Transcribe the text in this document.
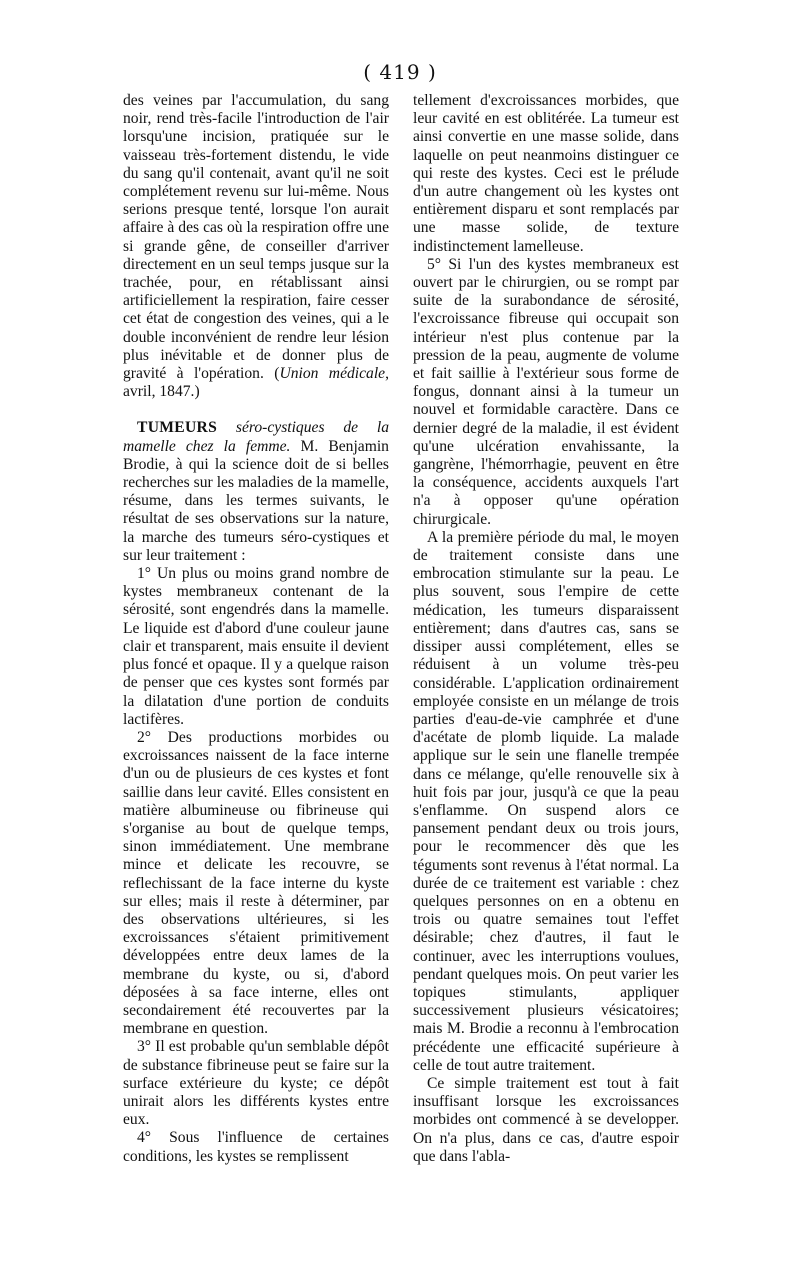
( 419 )

des veines par l'accumulation, du sang noir, rend très-facile l'introduction de l'air lorsqu'une incision, pratiquée sur le vaisseau très-fortement distendu, le vide du sang qu'il contenait, avant qu'il ne soit complétement revenu sur lui-même. Nous serions presque tenté, lorsque l'on aurait affaire à des cas où la respiration offre une si grande gêne, de conseiller d'arriver directement en un seul temps jusque sur la trachée, pour, en rétablissant ainsi artificiellement la respiration, faire cesser cet état de congestion des veines, qui a le double inconvénient de rendre leur lésion plus inévitable et de donner plus de gravité à l'opération. (Union médicale, avril, 1847.)

TUMEURS séro-cystiques de la mamelle chez la femme. M. Benjamin Brodie, à qui la science doit de si belles recherches sur les maladies de la mamelle, résume, dans les termes suivants, le résultat de ses observations sur la nature, la marche des tumeurs séro-cystiques et sur leur traitement :

1° Un plus ou moins grand nombre de kystes membraneux contenant de la sérosité, sont engendrés dans la mamelle. Le liquide est d'abord d'une couleur jaune clair et transparent, mais ensuite il devient plus foncé et opaque. Il y a quelque raison de penser que ces kystes sont formés par la dilatation d'une portion de conduits lactifères.

2° Des productions morbides ou excroissances naissent de la face interne d'un ou de plusieurs de ces kystes et font saillie dans leur cavité. Elles consistent en matière albumineuse ou fibrineuse qui s'organise au bout de quelque temps, sinon immédiatement. Une membrane mince et delicate les recouvre, se reflechissant de la face interne du kyste sur elles; mais il reste à déterminer, par des observations ultérieures, si les excroissances s'étaient primitivement développées entre deux lames de la membrane du kyste, ou si, d'abord déposées à sa face interne, elles ont secondairement été recouvertes par la membrane en question.

3° Il est probable qu'un semblable dépôt de substance fibrineuse peut se faire sur la surface extérieure du kyste; ce dépôt unirait alors les différents kystes entre eux.

4° Sous l'influence de certaines conditions, les kystes se remplissent

tellement d'excroissances morbides, que leur cavité en est oblitérée. La tumeur est ainsi convertie en une masse solide, dans laquelle on peut neanmoins distinguer ce qui reste des kystes. Ceci est le prélude d'un autre changement où les kystes ont entièrement disparu et sont remplacés par une masse solide, de texture indistinctement lamelleuse.

5° Si l'un des kystes membraneux est ouvert par le chirurgien, ou se rompt par suite de la surabondance de sérosité, l'excroissance fibreuse qui occupait son intérieur n'est plus contenue par la pression de la peau, augmente de volume et fait saillie à l'extérieur sous forme de fongus, donnant ainsi à la tumeur un nouvel et formidable caractère. Dans ce dernier degré de la maladie, il est évident qu'une ulcération envahissante, la gangrène, l'hémorrhagie, peuvent en être la conséquence, accidents auxquels l'art n'a à opposer qu'une opération chirurgicale.

A la première période du mal, le moyen de traitement consiste dans une embrocation stimulante sur la peau. Le plus souvent, sous l'empire de cette médication, les tumeurs disparaissent entièrement; dans d'autres cas, sans se dissiper aussi complétement, elles se réduisent à un volume très-peu considérable. L'application ordinairement employée consiste en un mélange de trois parties d'eau-de-vie camphrée et d'une d'acétate de plomb liquide. La malade applique sur le sein une flanelle trempée dans ce mélange, qu'elle renouvelle six à huit fois par jour, jusqu'à ce que la peau s'enflamme. On suspend alors ce pansement pendant deux ou trois jours, pour le recommencer dès que les téguments sont revenus à l'état normal. La durée de ce traitement est variable : chez quelques personnes on en a obtenu en trois ou quatre semaines tout l'effet désirable; chez d'autres, il faut le continuer, avec les interruptions voulues, pendant quelques mois. On peut varier les topiques stimulants, appliquer successivement plusieurs vésicatoires; mais M. Brodie a reconnu à l'embrocation précédente une efficacité supérieure à celle de tout autre traitement.

Ce simple traitement est tout à fait insuffisant lorsque les excroissances morbides ont commencé à se developper. On n'a plus, dans ce cas, d'autre espoir que dans l'abla-
